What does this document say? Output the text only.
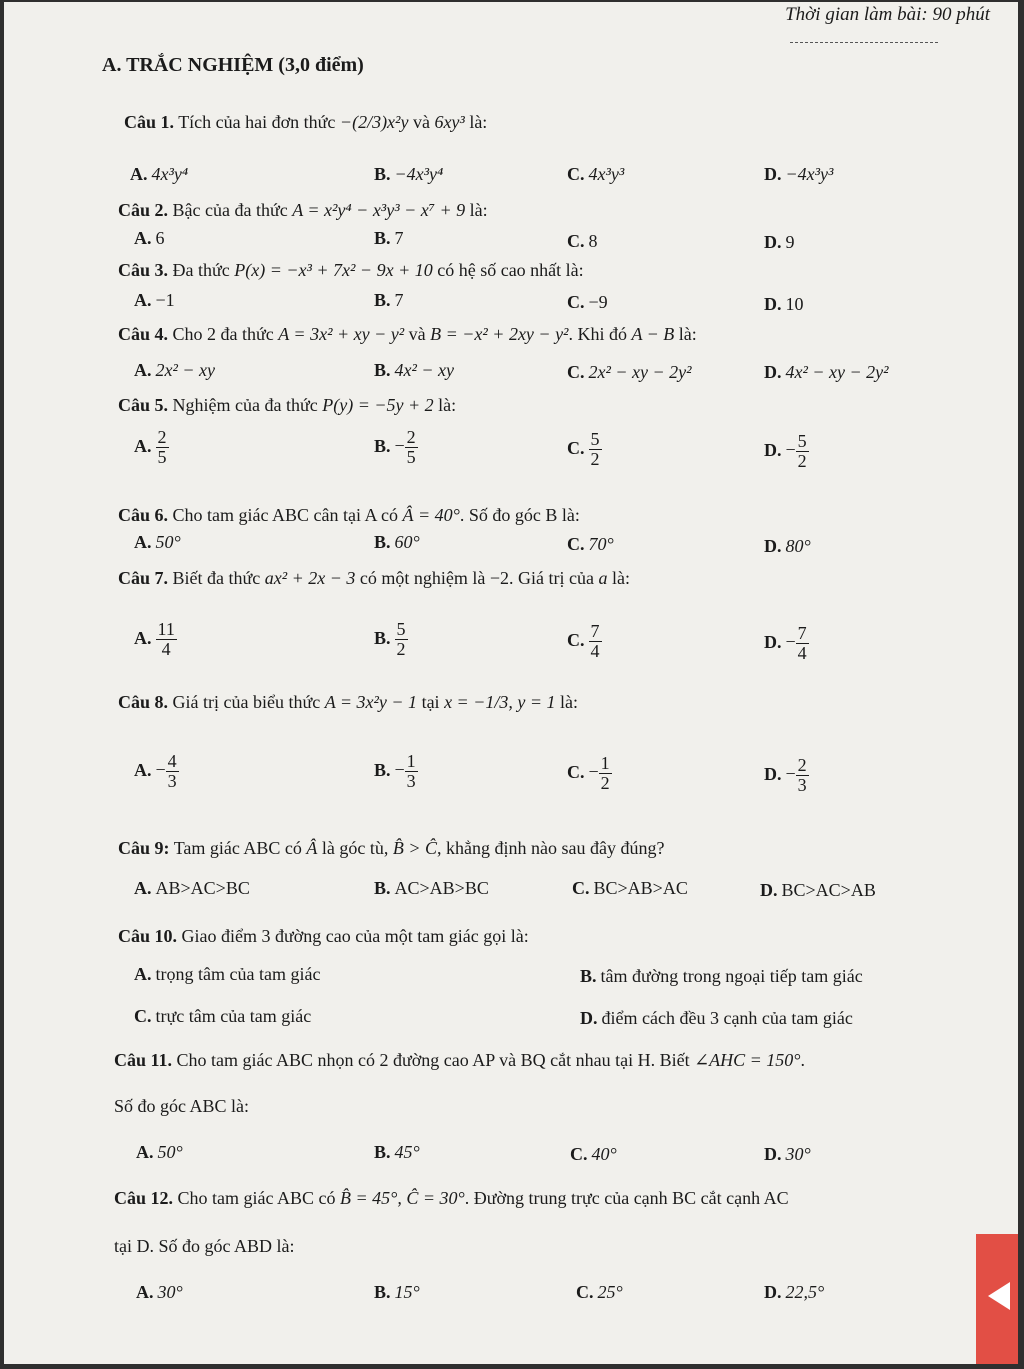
Thời gian làm bài: 90 phút
A. TRẮC NGHIỆM (3,0 điểm)
Câu 1. Tích của hai đơn thức −(2/3)x²y và 6xy³ là:
A. 4x³y⁴	B. −4x³y⁴	C. 4x³y³	D. −4x³y³
Câu 2. Bậc của đa thức A = x²y⁴ − x³y³ − x⁷ + 9 là:
A. 6	B. 7	C. 8	D. 9
Câu 3. Đa thức P(x) = −x³ + 7x² − 9x + 10 có hệ số cao nhất là:
A. −1	B. 7	C. −9	D. 10
Câu 4. Cho 2 đa thức A = 3x² + xy − y² và B = −x² + 2xy − y². Khi đó A − B là:
A. 2x² − xy	B. 4x² − xy	C. 2x² − xy − 2y²	D. 4x² − xy − 2y²
Câu 5. Nghiệm của đa thức P(y) = −5y + 2 là:
A. $\frac{2}{5}$	B. − $\frac{2}{5}$	C. $\frac{5}{2}$	D. − $\frac{5}{2}$
Câu 6. Cho tam giác ABC cân tại A có Â = 40°. Số đo góc B là:
A. 50°	B. 60°	C. 70°	D. 80°
Câu 7. Biết đa thức ax² + 2x − 3 có một nghiệm là −2. Giá trị của a là:
A. $\frac{11}{4}$	B. $\frac{5}{2}$	C. $\frac{7}{4}$	D. − $\frac{7}{4}$
Câu 8. Giá trị của biểu thức A = 3x²y − 1 tại x = −1/3, y = 1 là:
A. − $\frac{4}{3}$	B. − $\frac{1}{3}$	C. − $\frac{1}{2}$	D. − $\frac{2}{3}$
Câu 9: Tam giác ABC có Â là góc tù, B̂ > Ĉ, khẳng định nào sau đây đúng?
A. AB>AC>BC	B. AC>AB>BC	C. BC>AB>AC	D. BC>AC>AB
Câu 10. Giao điểm 3 đường cao của một tam giác gọi là:
A. trọng tâm của tam giác	B. tâm đường trong ngoại tiếp tam giác
C. trực tâm của tam giác	D. điểm cách đều 3 cạnh của tam giác
Câu 11. Cho tam giác ABC nhọn có 2 đường cao AP và BQ cắt nhau tại H. Biết ∠AHC = 150°.
Số đo góc ABC là:
A. 50°	B. 45°	C. 40°	D. 30°
Câu 12. Cho tam giác ABC có B̂ = 45°, Ĉ = 30°. Đường trung trực của cạnh BC cắt cạnh AC
tại D. Số đo góc ABD là:
A. 30°	B. 15°	C. 25°	D. 22,5°
